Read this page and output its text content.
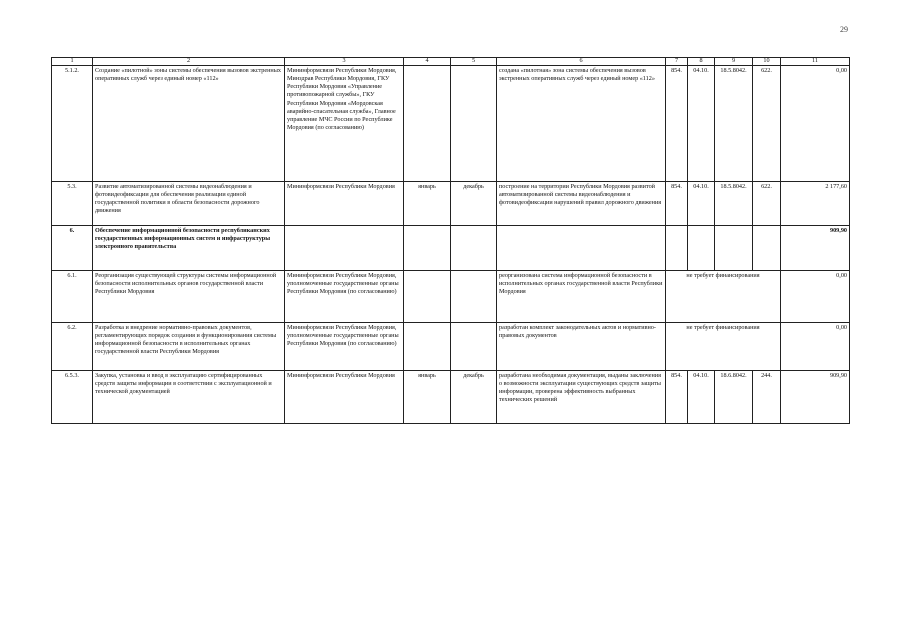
29
1	2	3	4	5	6	7	8	9	10	11
5.1.2.	Создание «пилотной» зоны системы обеспечения вызовов экстренных оперативных служб через единый номер «112»	Мининформсвязи Республики Мордовия, Минздрав Республики Мордовия, ГКУ Республики Мордовия «Управление противопожарной службы», ГКУ Республики Мордовия «Мордовская аварийно-спасательная служба», Главное управление МЧС России по Республике Мордовия (по согласованию)			создана «пилотная» зона системы обеспечения вызовов экстренных оперативных служб через единый номер «112»	854.	04.10.	18.5.8042.	622.	0,00
5.3.	Развитие автоматизированной системы видеонаблюдения и фотовидеофиксации для обеспечения реализации единой государственной политики в области безопасности дорожного движения	Мининформсвязи Республики Мордовия	январь	декабрь	построение на территории Республики Мордовия развитой автоматизированной системы видеонаблюдения и фотовидеофиксации нарушений правил дорожного движения	854.	04.10.	18.5.8042.	622.	2 177,60
6.	Обеспечение информационной безопасности республиканских государственных информационных систем и инфраструктуры электронного правительства									909,90
6.1.	Реорганизация существующей структуры системы информационной безопасности исполнительных органов государственной власти Республики Мордовия	Мининформсвязи Республики Мордовия, уполномоченные государственные органы Республики Мордовия (по согласованию)			реорганизована система информационной безопасности в исполнительных органах государственной власти Республики Мордовия	не требует финансирования				0,00
6.2.	Разработка и внедрение нормативно-правовых документов, регламентирующих порядок создания и функционирования системы информационной безопасности в исполнительных органах государственной власти Республики Мордовия	Мининформсвязи Республики Мордовия, уполномоченные государственные органы Республики Мордовия (по согласованию)			разработан комплект законодательных актов и нормативно-правовых документов	не требует финансирования				0,00
6.5.3.	Закупка, установка и ввод в эксплуатацию сертифицированных средств защиты информации в соответствии с эксплуатационной и технической документацией	Мининформсвязи Республики Мордовия	январь	декабрь	разработана необходимая документация, выданы заключения о возможности эксплуатации существующих средств защиты информации, проверена эффективность выбранных технических решений	854.	04.10.	18.6.8042.	244.	909,90
